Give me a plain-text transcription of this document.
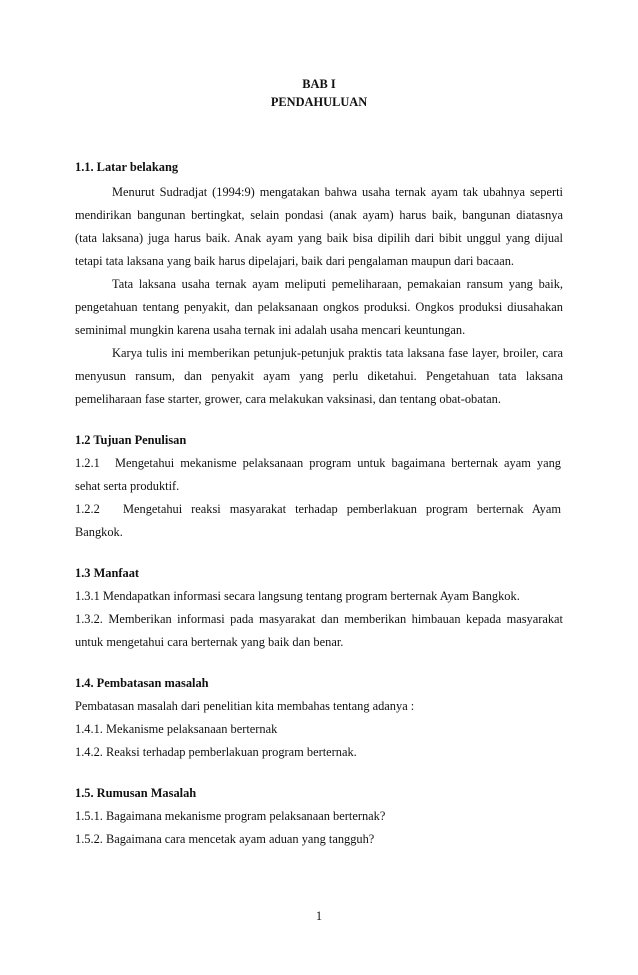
BAB I
PENDAHULUAN
1.1. Latar belakang
Menurut Sudradjat (1994:9) mengatakan bahwa usaha ternak ayam tak ubahnya seperti
mendirikan bangunan bertingkat, selain pondasi (anak ayam) harus baik, bangunan diatasnya
(tata laksana) juga harus baik. Anak ayam yang baik bisa dipilih dari bibit unggul yang dijual
tetapi tata laksana yang baik harus dipelajari, baik dari pengalaman maupun dari bacaan.
Tata laksana usaha ternak ayam meliputi pemeliharaan, pemakaian ransum yang baik,
pengetahuan tentang penyakit, dan pelaksanaan ongkos produksi. Ongkos produksi diusahakan
seminimal mungkin karena usaha ternak ini adalah usaha mencari keuntungan.
Karya tulis ini memberikan petunjuk-petunjuk praktis tata laksana fase layer, broiler, cara
menyusun ransum, dan penyakit ayam yang perlu diketahui. Pengetahuan tata laksana
pemeliharaan fase starter, grower, cara melakukan vaksinasi, dan tentang obat-obatan.
1.2 Tujuan Penulisan
1.2.1 Mengetahui mekanisme pelaksanaan program untuk bagaimana berternak ayam yang
sehat serta produktif.
1.2.2 Mengetahui reaksi masyarakat terhadap pemberlakuan program berternak Ayam
Bangkok.
1.3 Manfaat
1.3.1 Mendapatkan informasi secara langsung tentang program berternak Ayam Bangkok.
1.3.2. Memberikan informasi pada masyarakat dan memberikan himbauan kepada masyarakat
untuk mengetahui cara berternak yang baik dan benar.
1.4. Pembatasan masalah
Pembatasan masalah dari penelitian kita membahas tentang adanya :
1.4.1. Mekanisme pelaksanaan berternak
1.4.2. Reaksi terhadap pemberlakuan program berternak.
1.5. Rumusan Masalah
1.5.1. Bagaimana mekanisme program pelaksanaan berternak?
1.5.2. Bagaimana cara mencetak ayam aduan yang tangguh?
1
